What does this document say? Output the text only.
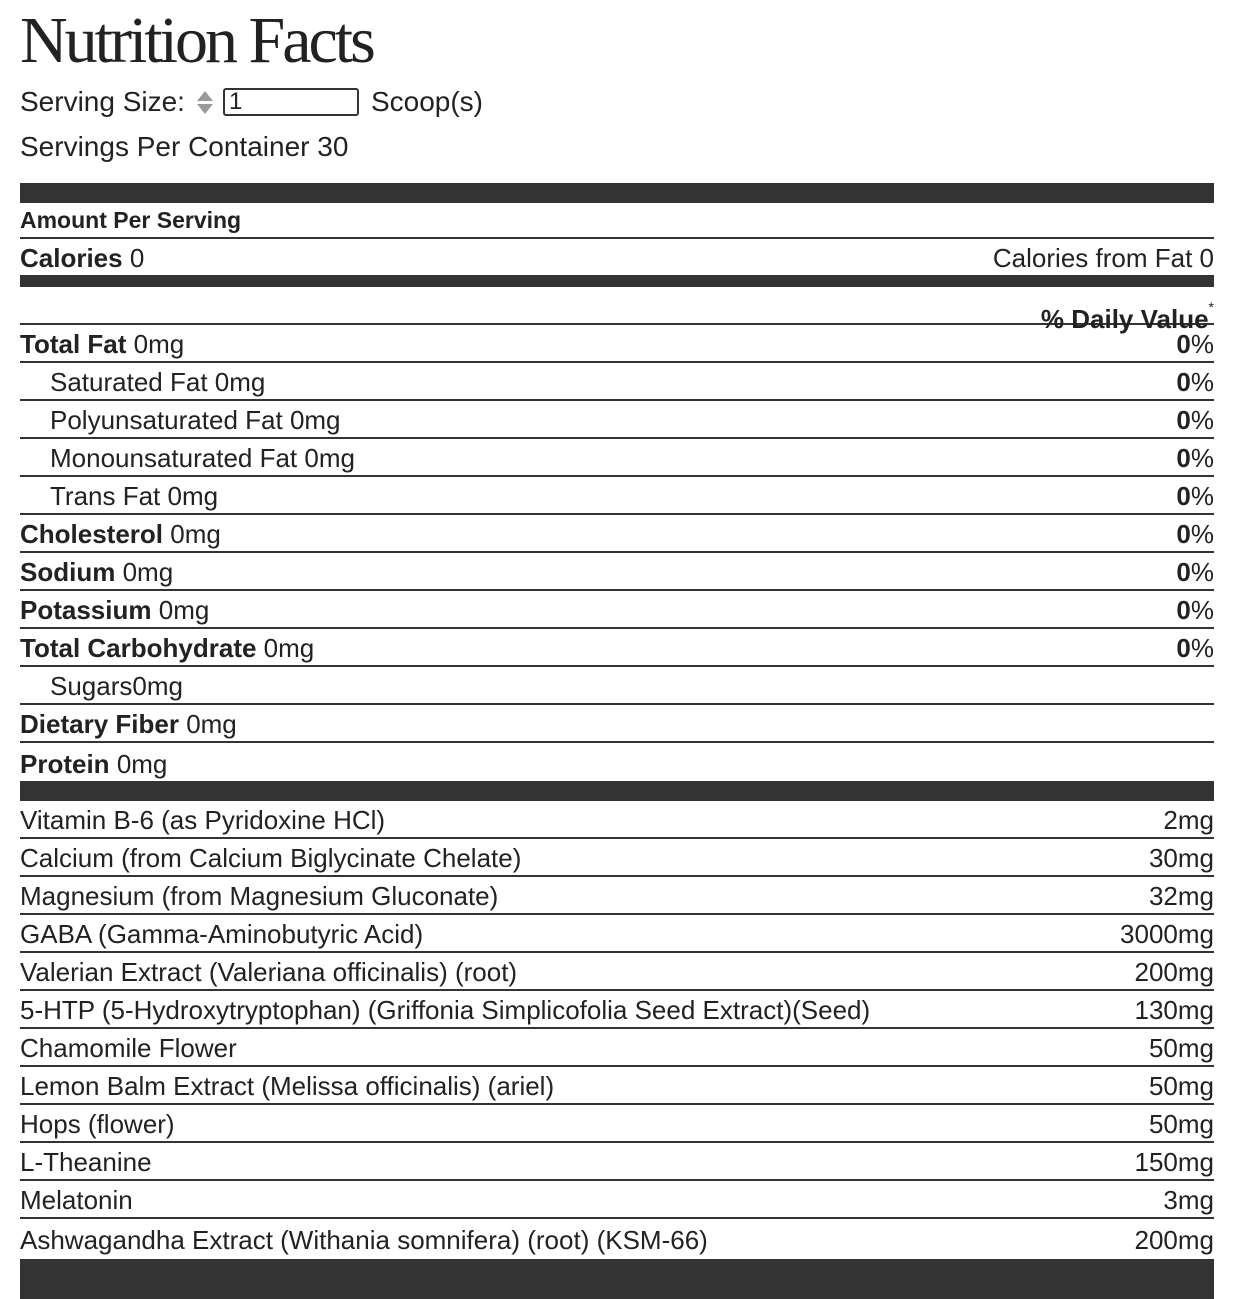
Nutrition Facts
Serving Size:
1	Scoop(s)
Servings Per Container
30
Amount Per Serving
Calories 0	Calories from Fat 0
% Daily Value*
Total Fat 0mg	0%
Saturated Fat 0mg	0%
Polyunsaturated Fat 0mg	0%
Monounsaturated Fat 0mg	0%
Trans Fat 0mg	0%
Cholesterol 0mg	0%
Sodium 0mg	0%
Potassium 0mg	0%
Total Carbohydrate 0mg	0%
Sugars0mg
Dietary Fiber 0mg
Protein 0mg
Vitamin B-6 (as Pyridoxine HCl)	2mg
Calcium (from Calcium Biglycinate Chelate)	30mg
Magnesium (from Magnesium Gluconate)	32mg
GABA (Gamma-Aminobutyric Acid)	3000mg
Valerian Extract (Valeriana officinalis) (root)	200mg
5-HTP (5-Hydroxytryptophan) (Griffonia Simplicofolia Seed Extract)(Seed)	130mg
Chamomile Flower	50mg
Lemon Balm Extract (Melissa officinalis) (ariel)	50mg
Hops (flower)	50mg
L-Theanine	150mg
Melatonin	3mg
Ashwagandha Extract (Withania somnifera) (root) (KSM-66)	200mg
